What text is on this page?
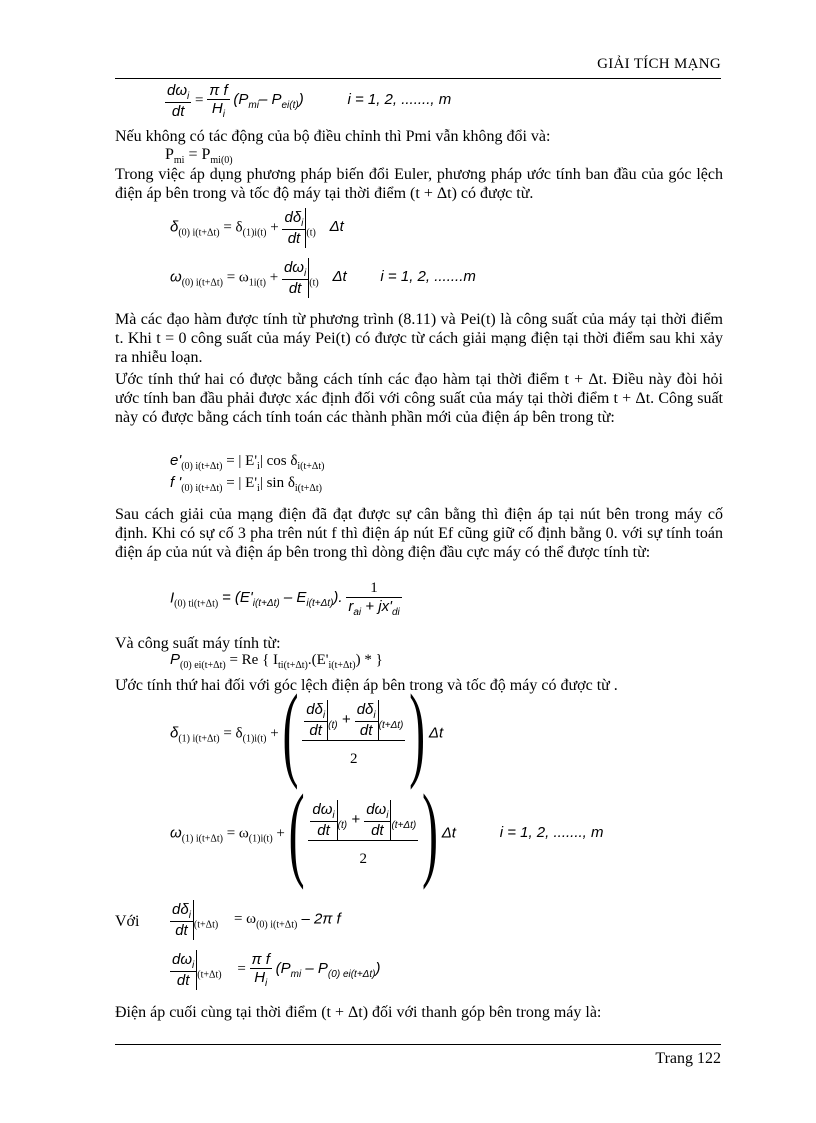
GIẢI TÍCH MẠNG
$\frac{d\omega_i}{dt} = \frac{\text{π f}}{H_i} (P_{mi}-$ $P_{ei(t)}$)	i = 1, 2, ......., m
Nếu không có tác động của bộ điều chỉnh thì Pmi vẫn không đổi và:
$P_{mi} = P_{mi(0)}$
Trong việc áp dụng phương pháp biến đổi Euler, phương pháp ước tính ban đầu của góc lệch điện áp bên trong và tốc độ máy tại thời điểm (t + Δt) có được từ.
$\delta_{(0) i(t+\Delta t)} = \delta_{(1)i(t)} + \frac{d\delta_i}{dt} _{(t)}$ Δt
$\omega_{(0) i(t+\Delta t)} = \omega_{1i(t)} + \frac{d\omega_i}{dt} _{(t)}$ Δt i = 1, 2, .......m
Mà các đạo hàm được tính từ phương trình (8.11) và Pei(t) là công suất của máy tại thời điểm t. Khi t = 0 công suất của máy Pei(t) có được từ cách giải mạng điện tại thời điểm sau khi xảy ra nhiễu loạn.
Ước tính thứ hai có được bằng cách tính các đạo hàm tại thời điểm t + Δt. Điều này đòi hỏi ước tính ban đầu phải được xác định đối với công suất của máy tại thời điểm t + Δt. Công suất này có được bằng cách tính toán các thành phần mới của điện áp bên trong từ:
$e'_{(0) i(t+\Delta t)}$ = | $E'_i|$ $\cos \delta_{i(t+\Delta t)}$
f '$_{(0) i(t+\Delta t)}$ = | $E'_i|$ $\sin \delta_{i(t+\Delta t)}$
Sau cách giải của mạng điện đã đạt được sự cân bằng thì điện áp tại nút bên trong máy cố định. Khi có sự cố 3 pha trên nút f thì điện áp nút Ef cũng giữ cố định bằng 0. với sự tính toán điện áp của nút và điện áp bên trong thì dòng điện đầu cực máy có thể được tính từ:
$I_{(0) ti(t+\Delta t)} = (E'_{i(t+\Delta t)} - E_{i(t+\Delta t)})$. $\frac{1}{r_{ai} + jx'_{di}}$
Và công suất máy tính từ:
$P_{(0) ei(t+\Delta t)} = Re$ { $I_{ti(t+\Delta t)}.(E'_{i(t+\Delta t)})$ * }
Ước tính thứ hai đối với góc lệch điện áp bên trong và tốc độ máy có được từ .
$\delta_{(1) i(t+\Delta t)} = \delta_{(1)i(t)}$ + ( $\frac{\frac{d\delta_i}{dt} _{(t)} + \frac{d\delta_i}{dt} _{(t+\Delta t)}}{2}$ ) Δt
$\omega_{(1) i(t+\Delta t)} = \omega_{(1)i(t)}$ + ( $\frac{\frac{d\omega_i}{dt} _{(t)} + \frac{d\omega_i}{dt} _{(t+\Delta t)}}{2}$ ) Δt	i = 1, 2, ......., m
Với $\frac{d\delta_i}{dt} _{(t+\Delta t)} = \omega_{(0) i(t+\Delta t)} - 2\pi$ f
$\frac{d\omega_i}{dt} _{(t+\Delta t)} = \frac{\text{π f}}{H_i} (P_{mi} - P_{(0) ei(t+\Delta t)})$
Điện áp cuối cùng tại thời điểm (t + Δt) đối với thanh góp bên trong máy là:
Trang 122
